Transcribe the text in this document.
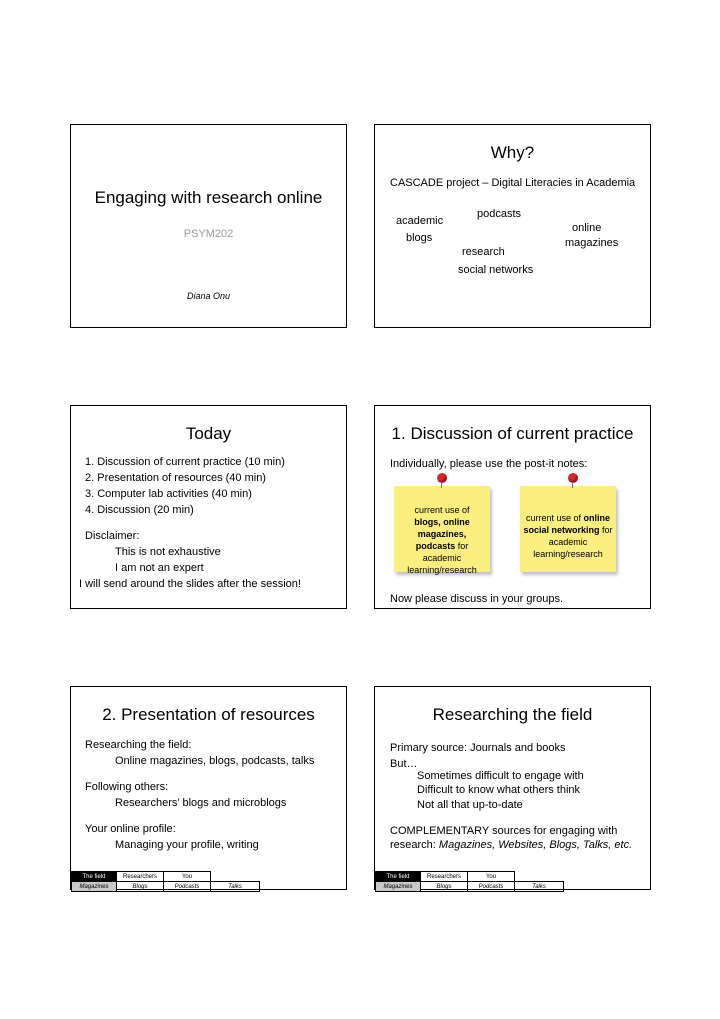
Engaging with research online
PSYM202
Diana Onu
Why?
CASCADE project – Digital Literacies in Academia
podcasts
academic
online
blogs	magazines
research
social networks
Today
1. Discussion of current practice (10 min)
2. Presentation of resources (40 min)
3. Computer lab activities (40 min)
4. Discussion (20 min)
Disclaimer:
This is not exhaustive
I am not an expert
I will send around the slides after the session!
1. Discussion of current practice
Individually, please use the post-it notes:
current use of
blogs, online
magazines,
podcasts for
academic
learning/research
current use of online
social networking for
academic
learning/research
Now please discuss in your groups.
2. Presentation of resources
Researching the field:
Online magazines, blogs, podcasts, talks
Following others:
Researchers’ blogs and microblogs
Your online profile:
Managing your profile, writing
The field	Researchers	You
Magazines	Blogs	Podcasts	Talks
Researching the field
Primary source: Journals and books
But…
Sometimes difficult to engage with
Difficult to know what others think
Not all that up-to-date
COMPLEMENTARY sources for engaging with
research: Magazines, Websites, Blogs, Talks, etc.
The field	Researchers	You
Magazines	Blogs	Podcasts	Talks
